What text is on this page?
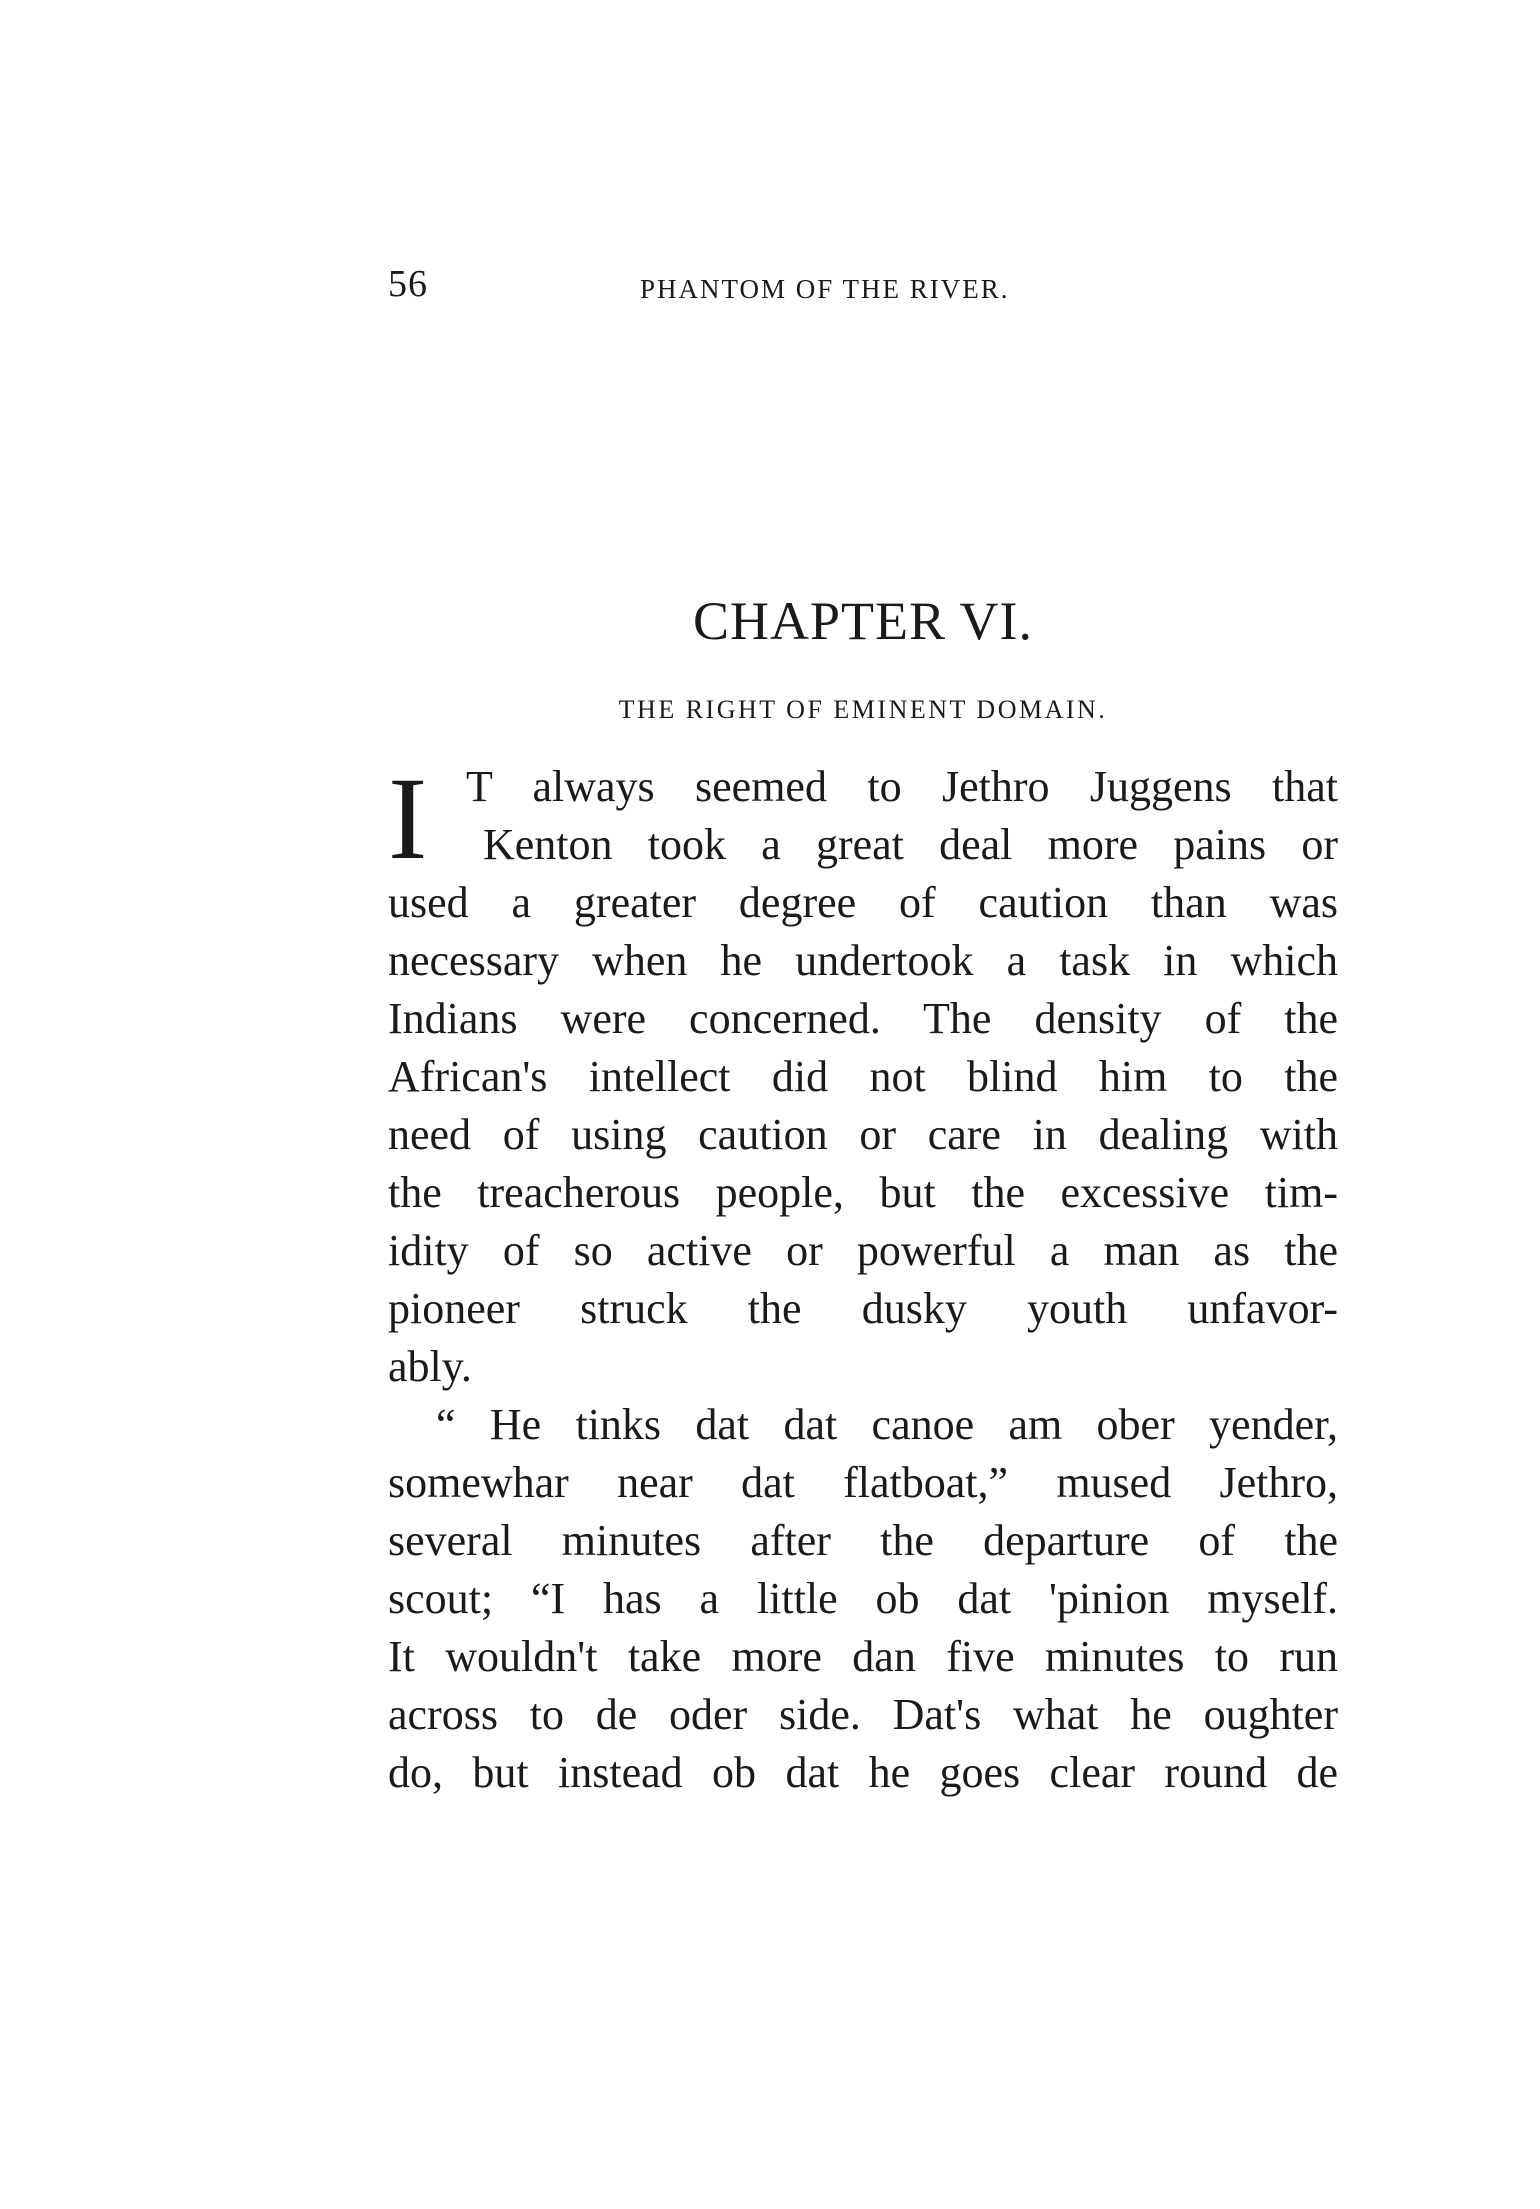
56	PHANTOM OF THE RIVER.
CHAPTER VI.
THE RIGHT OF EMINENT DOMAIN.
I T always seemed to Jethro Juggens that
Kenton took a great deal more pains or
used a greater degree of caution than was
necessary when he undertook a task in which
Indians were concerned. The density of the
African's intellect did not blind him to the
need of using caution or care in dealing with
the treacherous people, but the excessive tim-
idity of so active or powerful a man as the
pioneer struck the dusky youth unfavor-
ably.
“ He tinks dat dat canoe am ober yender,
somewhar near dat flatboat,” mused Jethro,
several minutes after the departure of the
scout; “I has a little ob dat 'pinion myself.
It wouldn't take more dan five minutes to run
across to de oder side. Dat's what he oughter
do, but instead ob dat he goes clear round de
